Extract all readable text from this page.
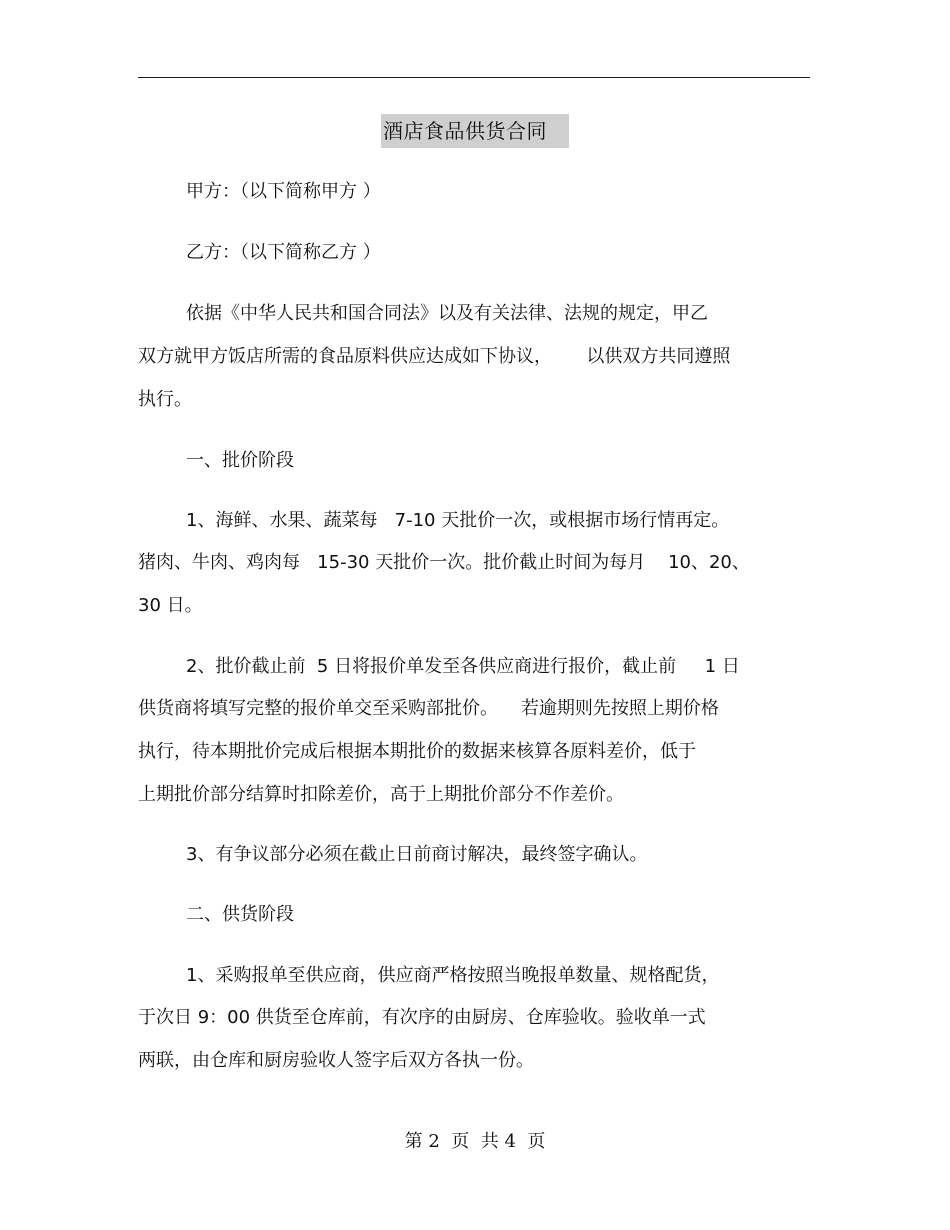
酒店食品供货合同
甲方：（以下简称甲方 ）
乙方：（以下简称乙方 ）
依据《中华人民共和国合同法》以及有关法律、法规的规定，甲乙
双方就甲方饭店所需的食品原料供应达成如下协议，      以供双方共同遵照
执行。
一、批价阶段
1、海鲜、水果、蔬菜每   7-10 天批价一次，或根据市场行情再定。
猪肉、牛肉、鸡肉每   15-30 天批价一次。批价截止时间为每月    10、20、
30 日。
2、批价截止前  5 日将报价单发至各供应商进行报价，截止前     1 日
供货商将填写完整的报价单交至采购部批价。    若逾期则先按照上期价格
执行，待本期批价完成后根据本期批价的数据来核算各原料差价，低于
上期批价部分结算时扣除差价，高于上期批价部分不作差价。
3、有争议部分必须在截止日前商讨解决，最终签字确认。
二、供货阶段
1、采购报单至供应商，供应商严格按照当晚报单数量、规格配货，
于次日 9：00 供货至仓库前，有次序的由厨房、仓库验收。验收单一式
两联，由仓库和厨房验收人签字后双方各执一份。
第 2  页  共 4  页
